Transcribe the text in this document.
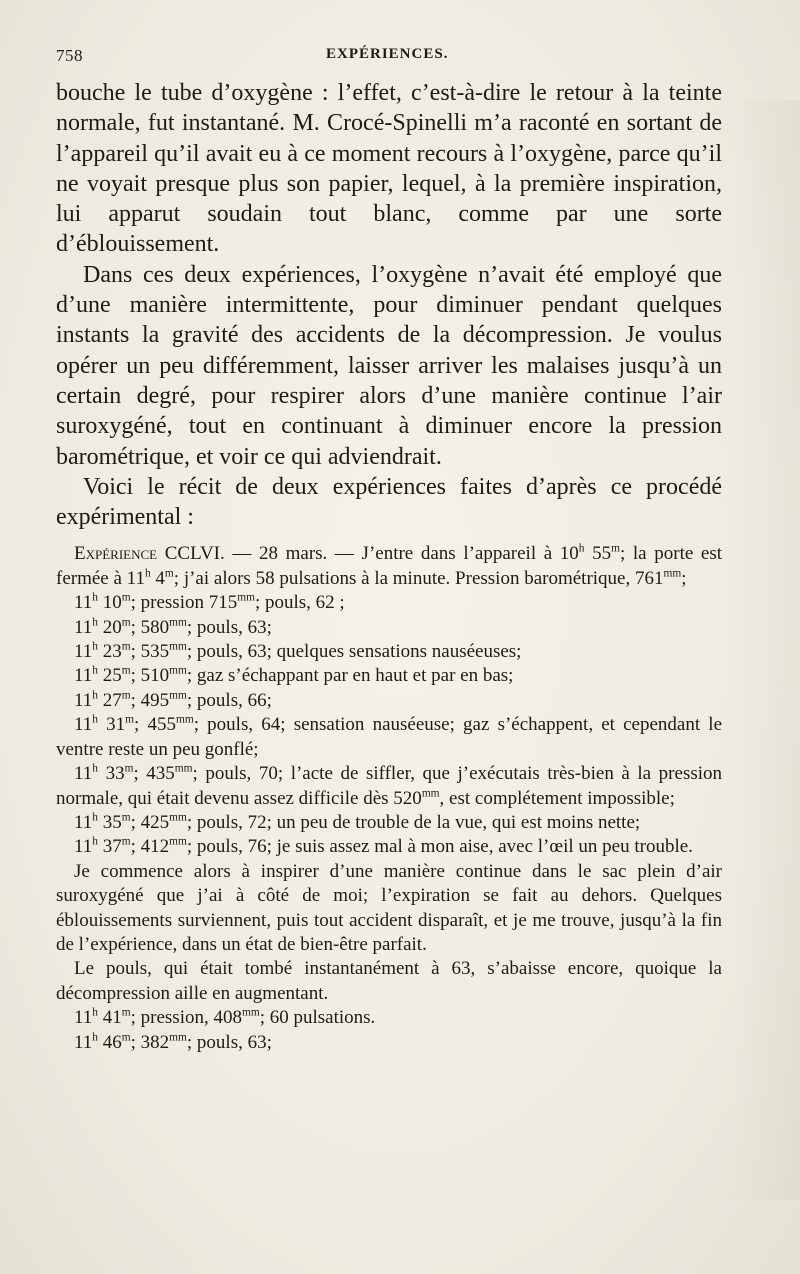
758	EXPÉRIENCES.

bouche le tube d’oxygène : l’effet, c’est-à-dire le retour à la teinte normale, fut instantané. M. Crocé-Spinelli m’a raconté en sortant de l’appareil qu’il avait eu à ce moment recours à l’oxygène, parce qu’il ne voyait presque plus son papier, lequel, à la première inspiration, lui apparut soudain tout blanc, comme par une sorte d’éblouissement.

Dans ces deux expériences, l’oxygène n’avait été employé que d’une manière intermittente, pour diminuer pendant quelques instants la gravité des accidents de la décompression. Je voulus opérer un peu différemment, laisser arriver les malaises jusqu’à un certain degré, pour respirer alors d’une manière continue l’air suroxygéné, tout en continuant à diminuer encore la pression barométrique, et voir ce qui adviendrait.

Voici le récit de deux expériences faites d’après ce procédé expérimental :

Expérience CCLVI. — 28 mars. — J’entre dans l’appareil à 10$^h$ 55$^m$; la porte est fermée à 11$^h$ 4$^m$; j’ai alors 58 pulsations à la minute. Pression barométrique, $761^{mm}$;

11$^h$ 10$^m$; pression $715^{mm}$; pouls, 62 ;

11$^h$ 20$^m$; $580^{mm}$; pouls, 63;

11$^h$ 23$^m$; $535^{mm}$; pouls, 63; quelques sensations nauséeuses;

11$^h$ 25$^m$; $510^{mm}$; gaz s’échappant par en haut et par en bas;

11$^h$ 27$^m$; $495^{mm}$; pouls, 66;

11$^h$ 31$^m$; $455^{mm}$; pouls, 64; sensation nauséeuse; gaz s’échappent, et cependant le ventre reste un peu gonflé;

11$^h$ 33$^m$; $435^{mm}$; pouls, 70; l’acte de siffler, que j’exécutais très-bien à la pression normale, qui était devenu assez difficile dès $520^{mm}$, est complétement impossible;

11$^h$ 35$^m$; $425^{mm}$; pouls, 72; un peu de trouble de la vue, qui est moins nette;

11$^h$ 37$^m$; $412^{mm}$; pouls, 76; je suis assez mal à mon aise, avec l’œil un peu trouble.

Je commence alors à inspirer d’une manière continue dans le sac plein d’air suroxygéné que j’ai à côté de moi; l’expiration se fait au dehors. Quelques éblouissements surviennent, puis tout accident disparaît, et je me trouve, jusqu’à la fin de l’expérience, dans un état de bien-être parfait.

Le pouls, qui était tombé instantanément à 63, s’abaisse encore, quoique la décompression aille en augmentant.

11$^h$ 41$^m$; pression, $408^{mm}$; 60 pulsations.

11$^h$ 46$^m$; $382^{mm}$; pouls, 63;
